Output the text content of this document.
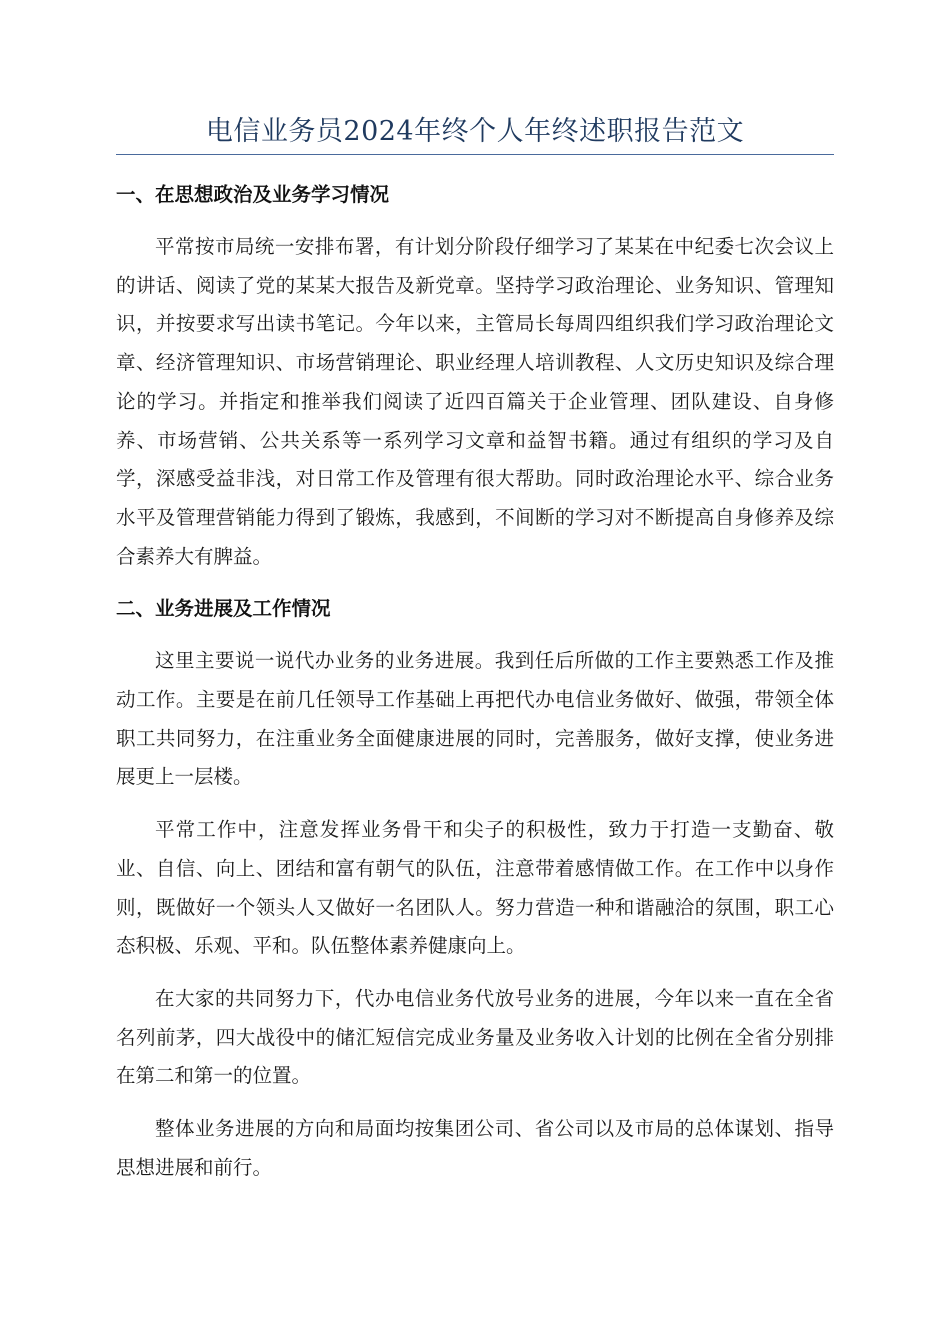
电信业务员2024年终个人年终述职报告范文
一、在思想政治及业务学习情况

平常按市局统一安排布署，有计划分阶段仔细学习了某某在中纪委七次会议上的讲话、阅读了党的某某大报告及新党章。坚持学习政治理论、业务知识、管理知识，并按要求写出读书笔记。今年以来，主管局长每周四组织我们学习政治理论文章、经济管理知识、市场营销理论、职业经理人培训教程、人文历史知识及综合理论的学习。并指定和推举我们阅读了近四百篇关于企业管理、团队建设、自身修养、市场营销、公共关系等一系列学习文章和益智书籍。通过有组织的学习及自学，深感受益非浅，对日常工作及管理有很大帮助。同时政治理论水平、综合业务水平及管理营销能力得到了锻炼，我感到，不间断的学习对不断提高自身修养及综合素养大有脾益。

二、业务进展及工作情况

这里主要说一说代办业务的业务进展。我到任后所做的工作主要熟悉工作及推动工作。主要是在前几任领导工作基础上再把代办电信业务做好、做强，带领全体职工共同努力，在注重业务全面健康进展的同时，完善服务，做好支撑，使业务进展更上一层楼。

平常工作中，注意发挥业务骨干和尖子的积极性，致力于打造一支勤奋、敬业、自信、向上、团结和富有朝气的队伍，注意带着感情做工作。在工作中以身作则，既做好一个领头人又做好一名团队人。努力营造一种和谐融洽的氛围，职工心态积极、乐观、平和。队伍整体素养健康向上。

在大家的共同努力下，代办电信业务代放号业务的进展，今年以来一直在全省名列前茅，四大战役中的储汇短信完成业务量及业务收入计划的比例在全省分别排在第二和第一的位置。

整体业务进展的方向和局面均按集团公司、省公司以及市局的总体谋划、指导思想进展和前行。
